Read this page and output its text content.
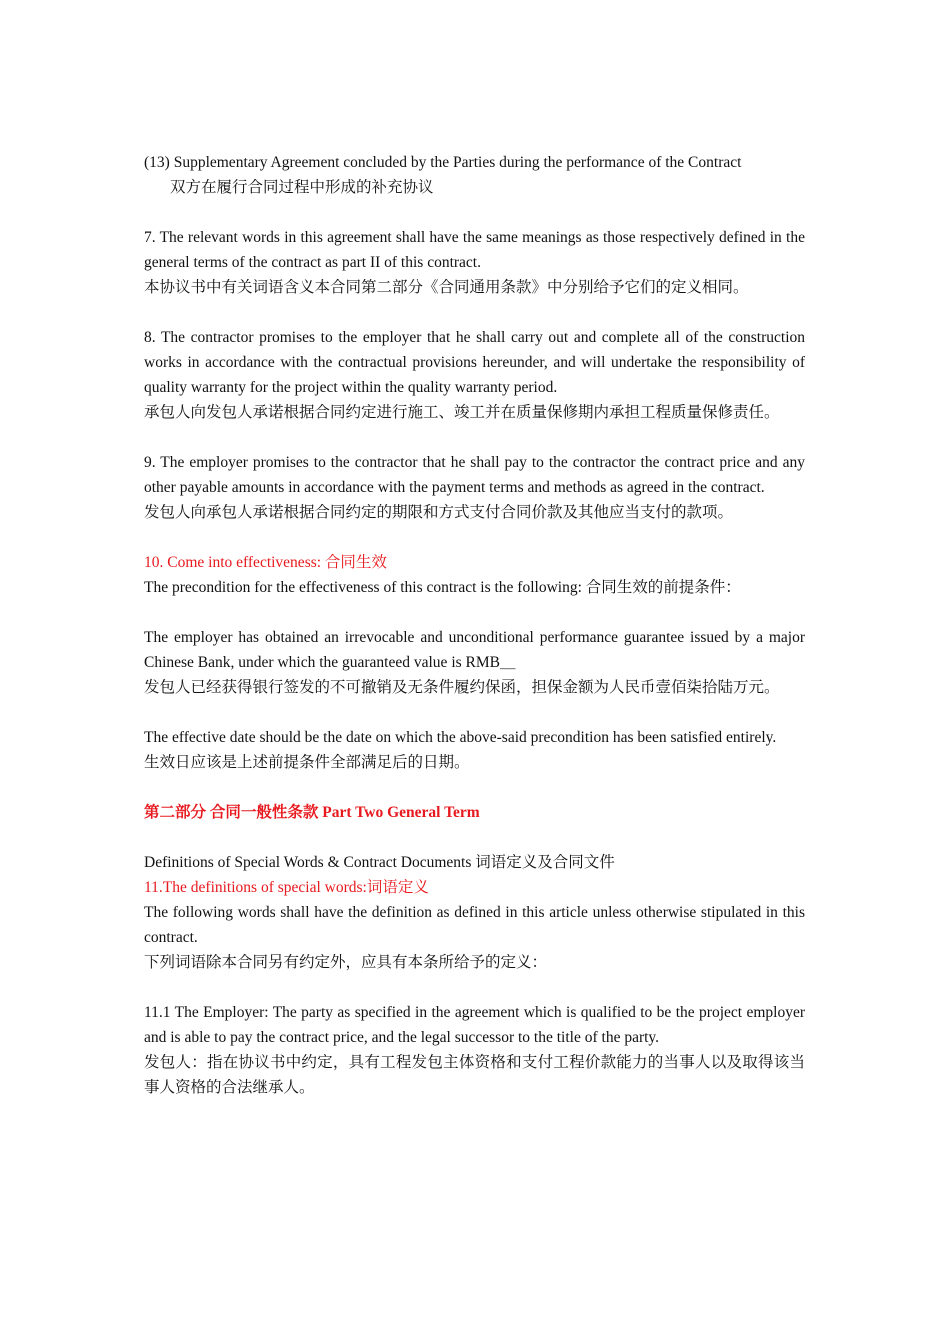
(13) Supplementary Agreement concluded by the Parties during the performance of the Contract

双方在履行合同过程中形成的补充协议

7. The relevant words in this agreement shall have the same meanings as those respectively defined in the general terms of the contract as part II of this contract.

本协议书中有关词语含义本合同第二部分《合同通用条款》中分别给予它们的定义相同。

8. The contractor promises to the employer that he shall carry out and complete all of the construction works in accordance with the contractual provisions hereunder, and will undertake the responsibility of quality warranty for the project within the quality warranty period.

承包人向发包人承诺根据合同约定进行施工、竣工并在质量保修期内承担工程质量保修责任。

9. The employer promises to the contractor that he shall pay to the contractor the contract price and any other payable amounts in accordance with the payment terms and methods as agreed in the contract.

发包人向承包人承诺根据合同约定的期限和方式支付合同价款及其他应当支付的款项。

10. Come into effectiveness: 合同生效

The precondition for the effectiveness of this contract is the following: 合同生效的前提条件：

The employer has obtained an irrevocable and unconditional performance guarantee issued by a major Chinese Bank, under which the guaranteed value is RMB＿

发包人已经获得银行签发的不可撤销及无条件履约保函，担保金额为人民币壹佰柒拾陆万元。

The effective date should be the date on which the above-said precondition has been satisfied entirely.

生效日应该是上述前提条件全部满足后的日期。

第二部分 合同一般性条款 Part Two General Term

Definitions of Special Words & Contract Documents 词语定义及合同文件

11.The definitions of special words:词语定义

The following words shall have the definition as defined in this article unless otherwise stipulated in this contract.

下列词语除本合同另有约定外，应具有本条所给予的定义：

11.1 The Employer: The party as specified in the agreement which is qualified to be the project employer and is able to pay the contract price, and the legal successor to the title of the party.

发包人：指在协议书中约定，具有工程发包主体资格和支付工程价款能力的当事人以及取得该当事人资格的合法继承人。
